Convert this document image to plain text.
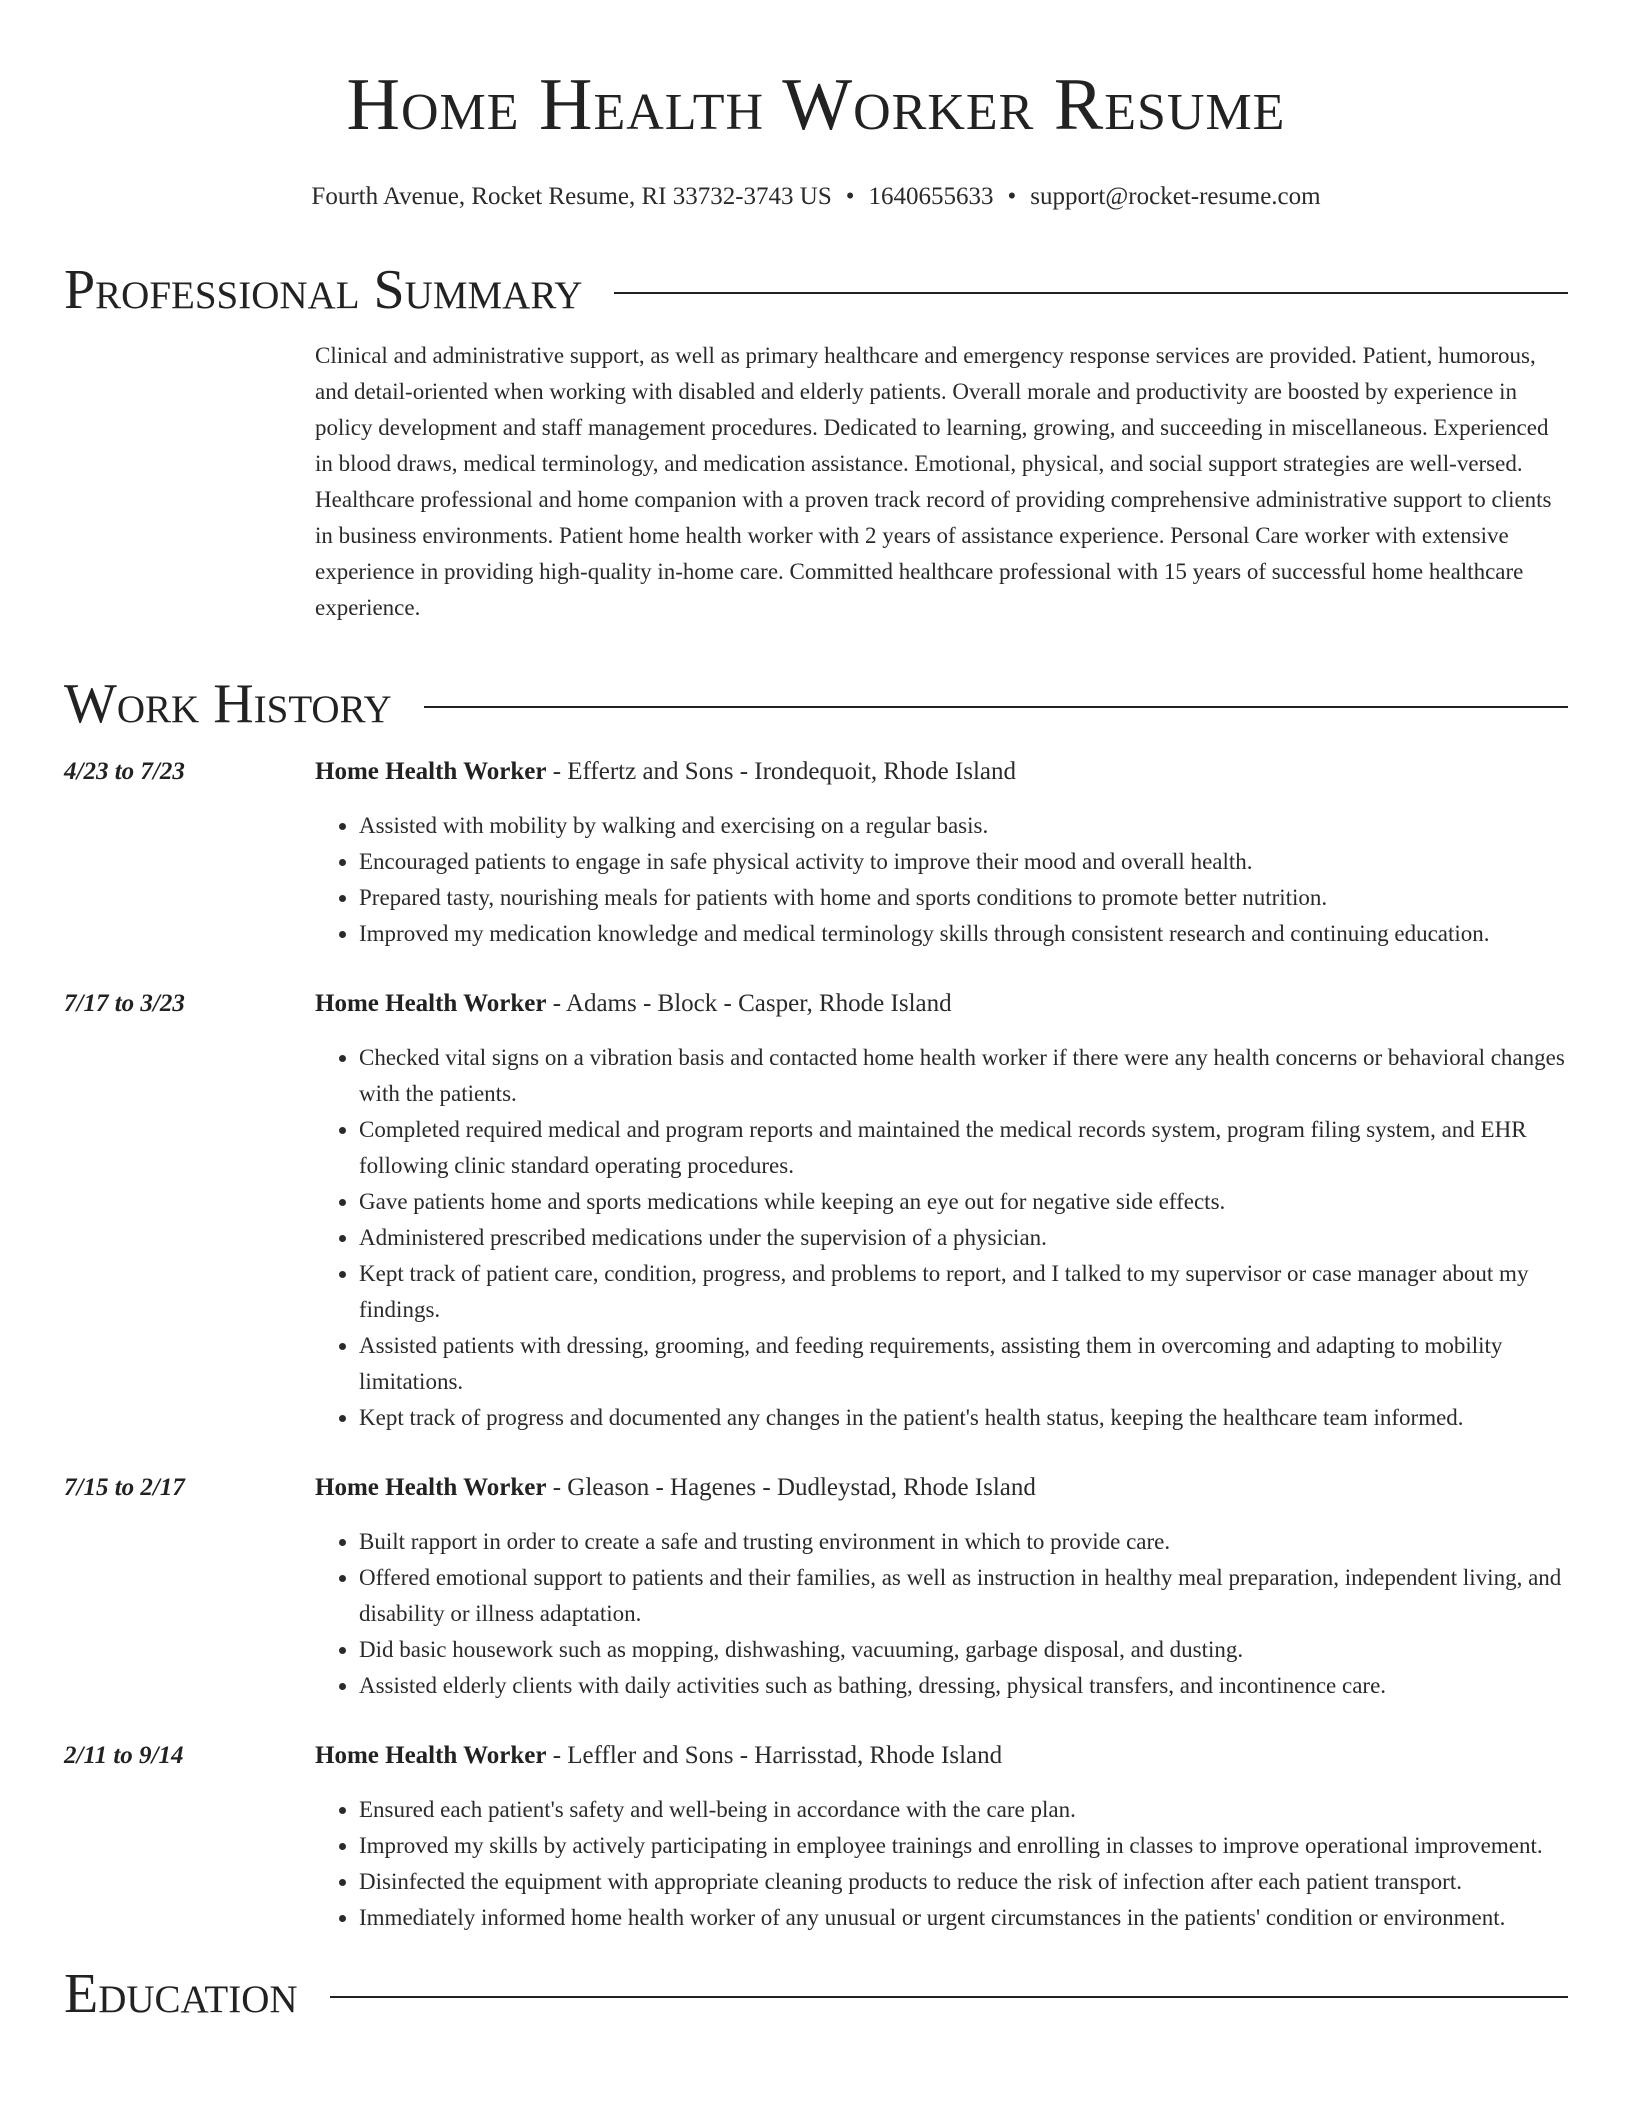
Home Health Worker Resume
Fourth Avenue, Rocket Resume, RI 33732-3743 US • 1640655633 • support@rocket-resume.com
Professional Summary
Clinical and administrative support, as well as primary healthcare and emergency response services are provided. Patient, humorous, and detail-oriented when working with disabled and elderly patients. Overall morale and productivity are boosted by experience in policy development and staff management procedures. Dedicated to learning, growing, and succeeding in miscellaneous. Experienced in blood draws, medical terminology, and medication assistance. Emotional, physical, and social support strategies are well-versed. Healthcare professional and home companion with a proven track record of providing comprehensive administrative support to clients in business environments. Patient home health worker with 2 years of assistance experience. Personal Care worker with extensive experience in providing high-quality in-home care. Committed healthcare professional with 15 years of successful home healthcare experience.
Work History
4/23 to 7/23	Home Health Worker - Effertz and Sons - Irondequoit, Rhode Island
• Assisted with mobility by walking and exercising on a regular basis.
• Encouraged patients to engage in safe physical activity to improve their mood and overall health.
• Prepared tasty, nourishing meals for patients with home and sports conditions to promote better nutrition.
• Improved my medication knowledge and medical terminology skills through consistent research and continuing education.
7/17 to 3/23	Home Health Worker - Adams - Block - Casper, Rhode Island
• Checked vital signs on a vibration basis and contacted home health worker if there were any health concerns or behavioral changes with the patients.
• Completed required medical and program reports and maintained the medical records system, program filing system, and EHR following clinic standard operating procedures.
• Gave patients home and sports medications while keeping an eye out for negative side effects.
• Administered prescribed medications under the supervision of a physician.
• Kept track of patient care, condition, progress, and problems to report, and I talked to my supervisor or case manager about my findings.
• Assisted patients with dressing, grooming, and feeding requirements, assisting them in overcoming and adapting to mobility limitations.
• Kept track of progress and documented any changes in the patient's health status, keeping the healthcare team informed.
7/15 to 2/17	Home Health Worker - Gleason - Hagenes - Dudleystad, Rhode Island
• Built rapport in order to create a safe and trusting environment in which to provide care.
• Offered emotional support to patients and their families, as well as instruction in healthy meal preparation, independent living, and disability or illness adaptation.
• Did basic housework such as mopping, dishwashing, vacuuming, garbage disposal, and dusting.
• Assisted elderly clients with daily activities such as bathing, dressing, physical transfers, and incontinence care.
2/11 to 9/14	Home Health Worker - Leffler and Sons - Harrisstad, Rhode Island
• Ensured each patient's safety and well-being in accordance with the care plan.
• Improved my skills by actively participating in employee trainings and enrolling in classes to improve operational improvement.
• Disinfected the equipment with appropriate cleaning products to reduce the risk of infection after each patient transport.
• Immediately informed home health worker of any unusual or urgent circumstances in the patients' condition or environment.
Education
